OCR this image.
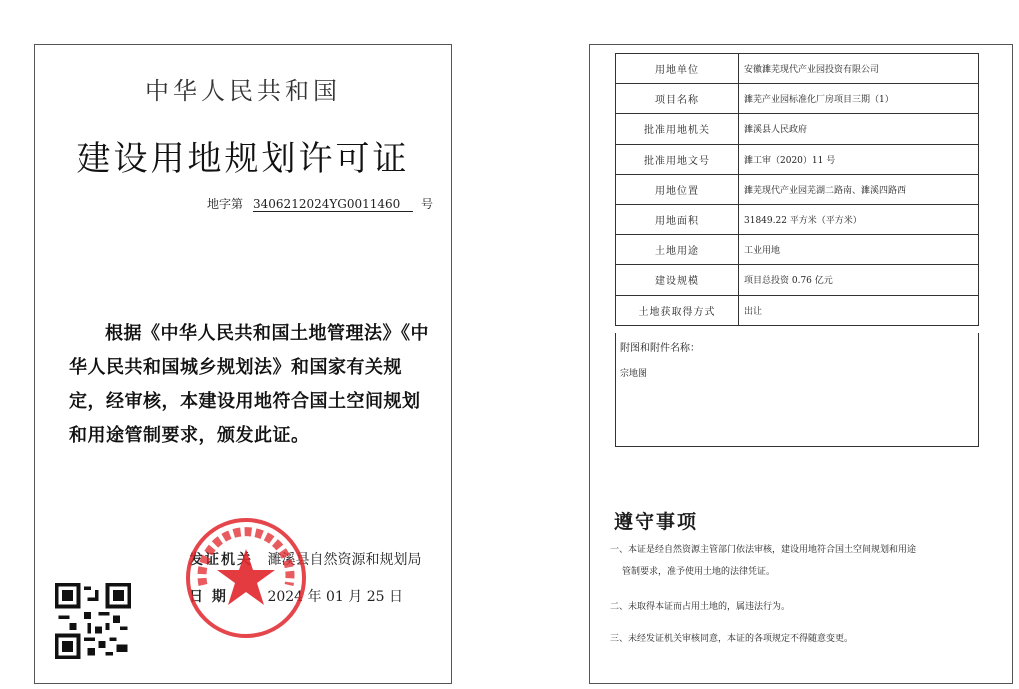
中华人民共和国
建设用地规划许可证
地字第 3406212024YG0011460 号
根据《中华人民共和国土地管理法》《中华人民共和国城乡规划法》和国家有关规定，经审核，本建设用地符合国土空间规划和用途管制要求，颁发此证。
发证机关 濉溪县自然资源和规划局
日 期	2024 年 01 月 25 日
用地单位	安徽濉芜现代产业园投资有限公司
项目名称	濉芜产业园标准化厂房项目三期（1）
批准用地机关	濉溪县人民政府
批准用地文号	濉工审（2020）11 号
用地位置	濉芜现代产业园芜湖二路南、濉溪四路西
用地面积	31849.22 平方米（平方米）
土地用途	工业用地
建设规模	项目总投资 0.76 亿元
土地获取得方式	出让
附图和附件名称：
宗地图
遵守事项
一、本证是经自然资源主管部门依法审核，建设用地符合国土空间规划和用途
管制要求，准予使用土地的法律凭证。
二、未取得本证而占用土地的，属违法行为。
三、未经发证机关审核同意，本证的各项规定不得随意变更。
